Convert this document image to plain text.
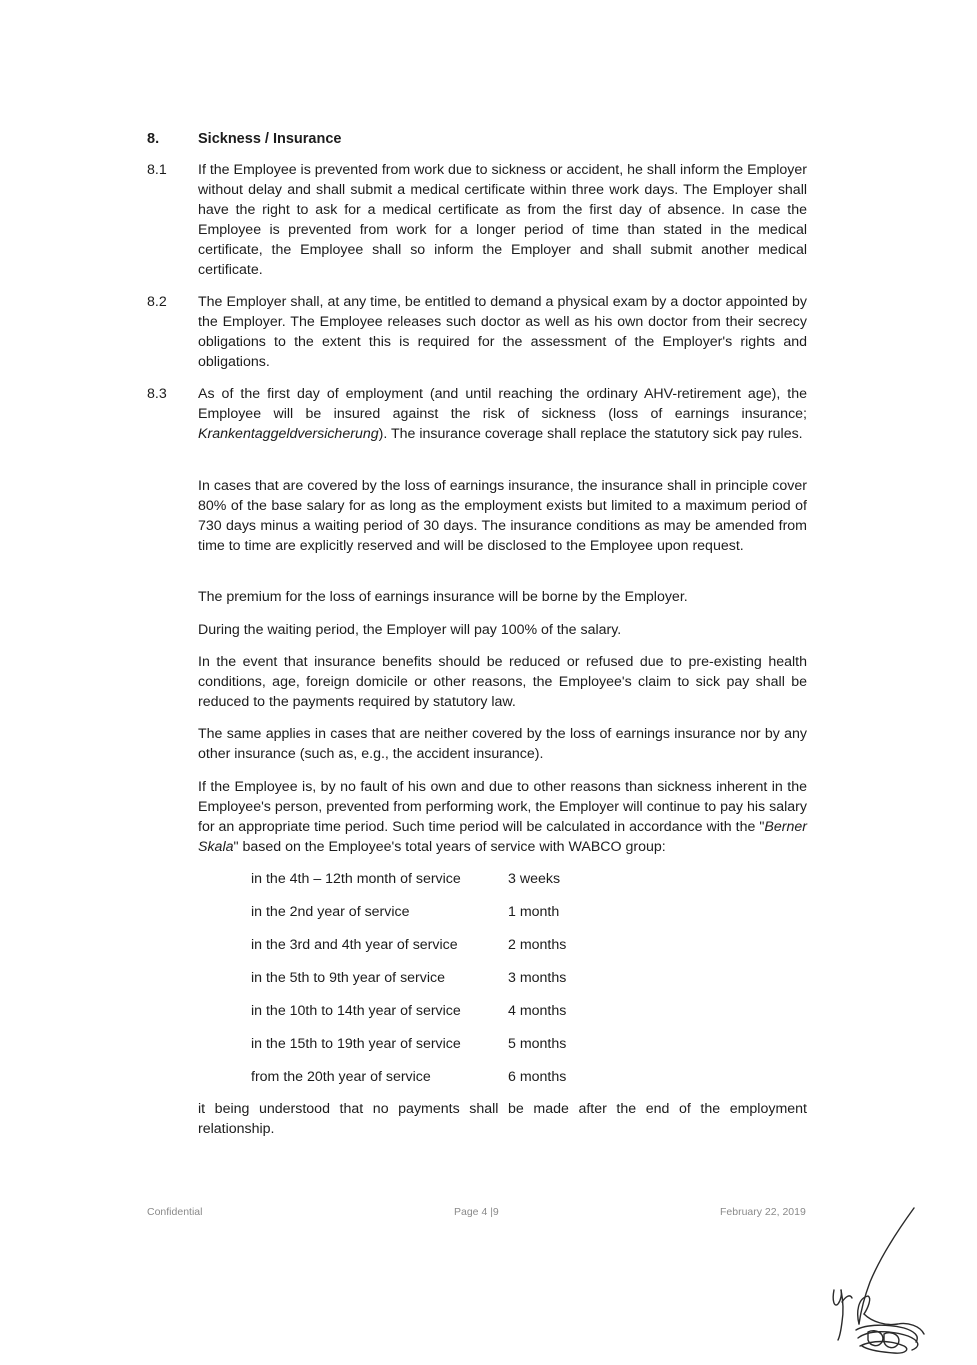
8.	Sickness / Insurance
8.1 If the Employee is prevented from work due to sickness or accident, he shall inform the Employer without delay and shall submit a medical certificate within three work days. The Employer shall have the right to ask for a medical certificate as from the first day of absence. In case the Employee is prevented from work for a longer period of time than stated in the medical certificate, the Employee shall so inform the Employer and shall submit another medical certificate.
8.2 The Employer shall, at any time, be entitled to demand a physical exam by a doctor appointed by the Employer. The Employee releases such doctor as well as his own doctor from their secrecy obligations to the extent this is required for the assessment of the Employer's rights and obligations.
8.3 As of the first day of employment (and until reaching the ordinary AHV-retirement age), the Employee will be insured against the risk of sickness (loss of earnings insurance; Krankentaggeldversicherung). The insurance coverage shall replace the statutory sick pay rules.
In cases that are covered by the loss of earnings insurance, the insurance shall in principle cover 80% of the base salary for as long as the employment exists but limited to a maximum period of 730 days minus a waiting period of 30 days. The insurance conditions as may be amended from time to time are explicitly reserved and will be disclosed to the Employee upon request.
The premium for the loss of earnings insurance will be borne by the Employer.
During the waiting period, the Employer will pay 100% of the salary.
In the event that insurance benefits should be reduced or refused due to pre-existing health conditions, age, foreign domicile or other reasons, the Employee's claim to sick pay shall be reduced to the payments required by statutory law.
The same applies in cases that are neither covered by the loss of earnings insurance nor by any other insurance (such as, e.g., the accident insurance).
If the Employee is, by no fault of his own and due to other reasons than sickness inherent in the Employee's person, prevented from performing work, the Employer will continue to pay his salary for an appropriate time period. Such time period will be calculated in accordance with the "Berner Skala" based on the Employee's total years of service with WABCO group:
in the 4th – 12th month of service	3 weeks
in the 2nd year of service	1 month
in the 3rd and 4th year of service	2 months
in the 5th to 9th year of service	3 months
in the 10th to 14th year of service	4 months
in the 15th to 19th year of service	5 months
from the 20th year of service	6 months
it being understood that no payments shall be made after the end of the employment relationship.
Confidential	Page 4 |9	February 22, 2019
